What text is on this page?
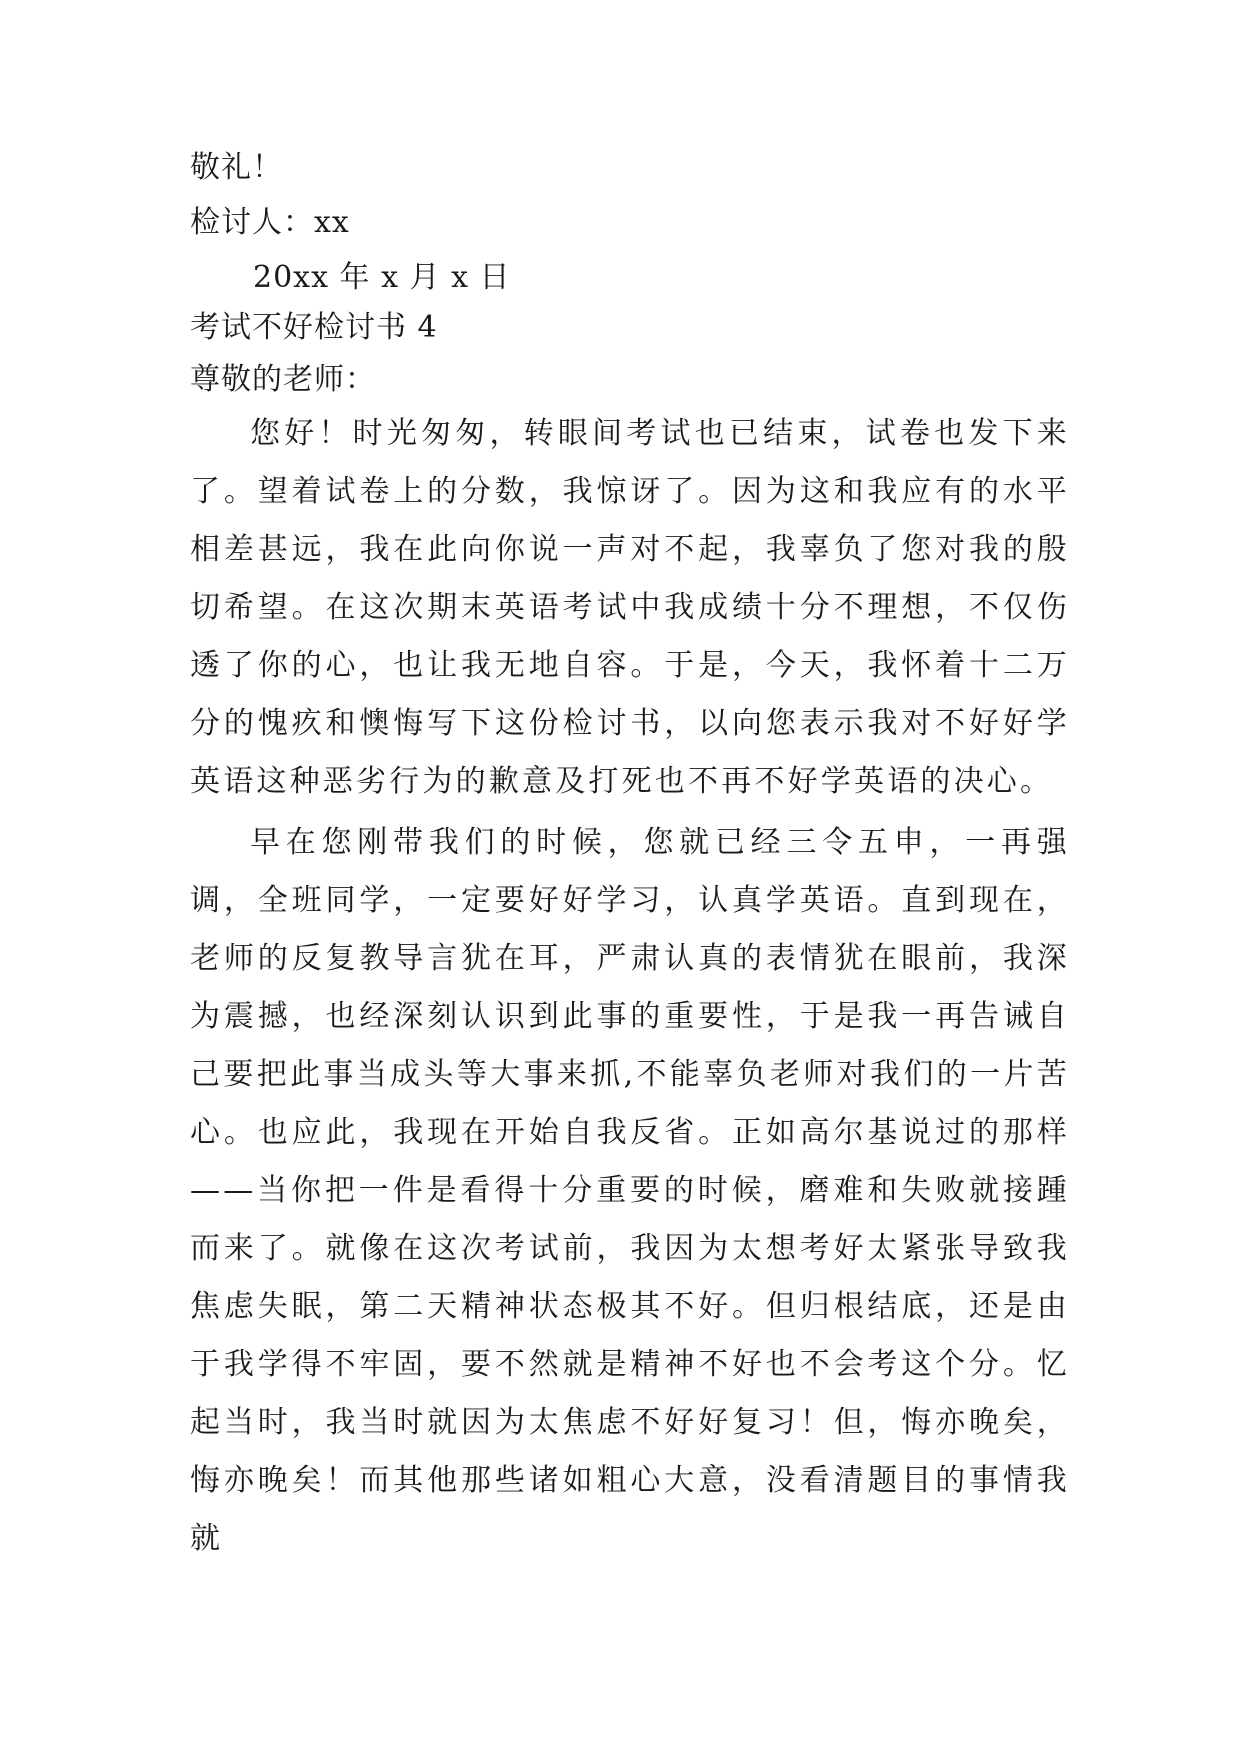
敬礼！
检讨人：xx
20xx 年 x 月 x 日
考试不好检讨书 4
尊敬的老师：

您好！时光匆匆，转眼间考试也已结束，试卷也发下来了。望着试卷上的分数，我惊讶了。因为这和我应有的水平相差甚远，我在此向你说一声对不起，我辜负了您对我的殷切希望。在这次期末英语考试中我成绩十分不理想，不仅伤透了你的心，也让我无地自容。于是，今天，我怀着十二万分的愧疚和懊悔写下这份检讨书，以向您表示我对不好好学英语这种恶劣行为的歉意及打死也不再不好学英语的决心。

早在您刚带我们的时候，您就已经三令五申，一再强调，全班同学，一定要好好学习，认真学英语。直到现在，老师的反复教导言犹在耳，严肃认真的表情犹在眼前，我深为震撼，也经深刻认识到此事的重要性，于是我一再告诫自己要把此事当成头等大事来抓,不能辜负老师对我们的一片苦心。也应此，我现在开始自我反省。正如高尔基说过的那样——当你把一件是看得十分重要的时候，磨难和失败就接踵而来了。就像在这次考试前，我因为太想考好太紧张导致我焦虑失眠，第二天精神状态极其不好。但归根结底，还是由于我学得不牢固，要不然就是精神不好也不会考这个分。忆起当时，我当时就因为太焦虑不好好复习！但，悔亦晚矣，悔亦晚矣！而其他那些诸如粗心大意，没看清题目的事情我就
